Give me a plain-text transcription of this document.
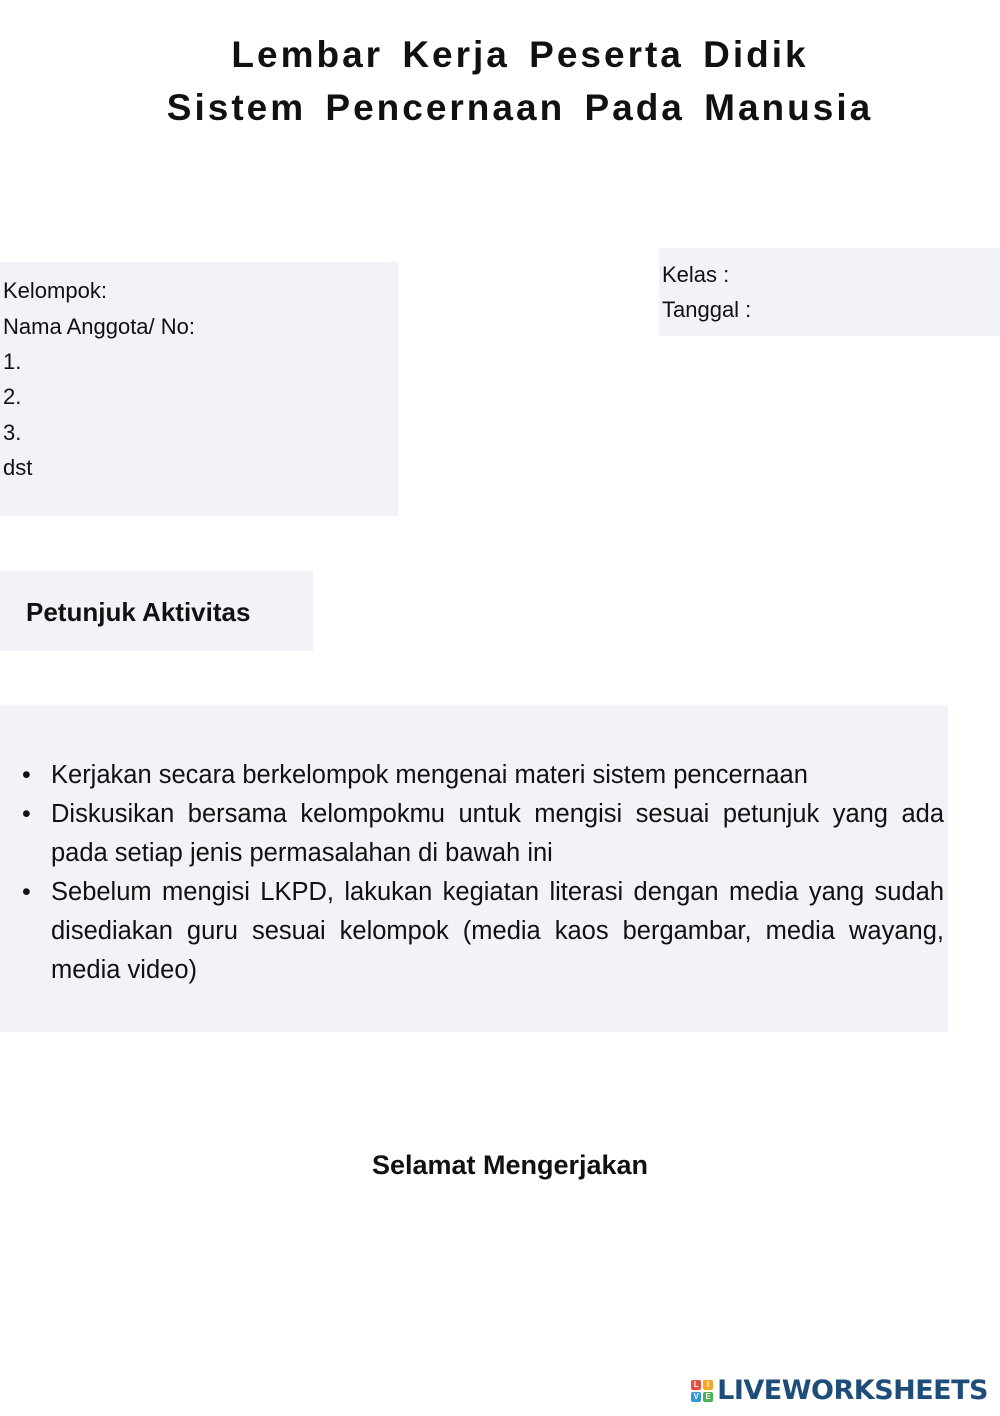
Lembar Kerja Peserta Didik
Sistem Pencernaan Pada Manusia
Kelompok:
Nama Anggota/ No:
1.
2.
3.
dst
Kelas :
Tanggal :
Petunjuk Aktivitas
• Kerjakan secara berkelompok mengenai materi sistem pencernaan
• Diskusikan bersama kelompokmu untuk mengisi sesuai petunjuk yang ada pada setiap jenis permasalahan di bawah ini
• Sebelum mengisi LKPD, lakukan kegiatan literasi dengan media yang sudah disediakan guru sesuai kelompok (media kaos bergambar, media wayang, media video)
Selamat Mengerjakan
L	I
V E LIVEWORKSHEETS
